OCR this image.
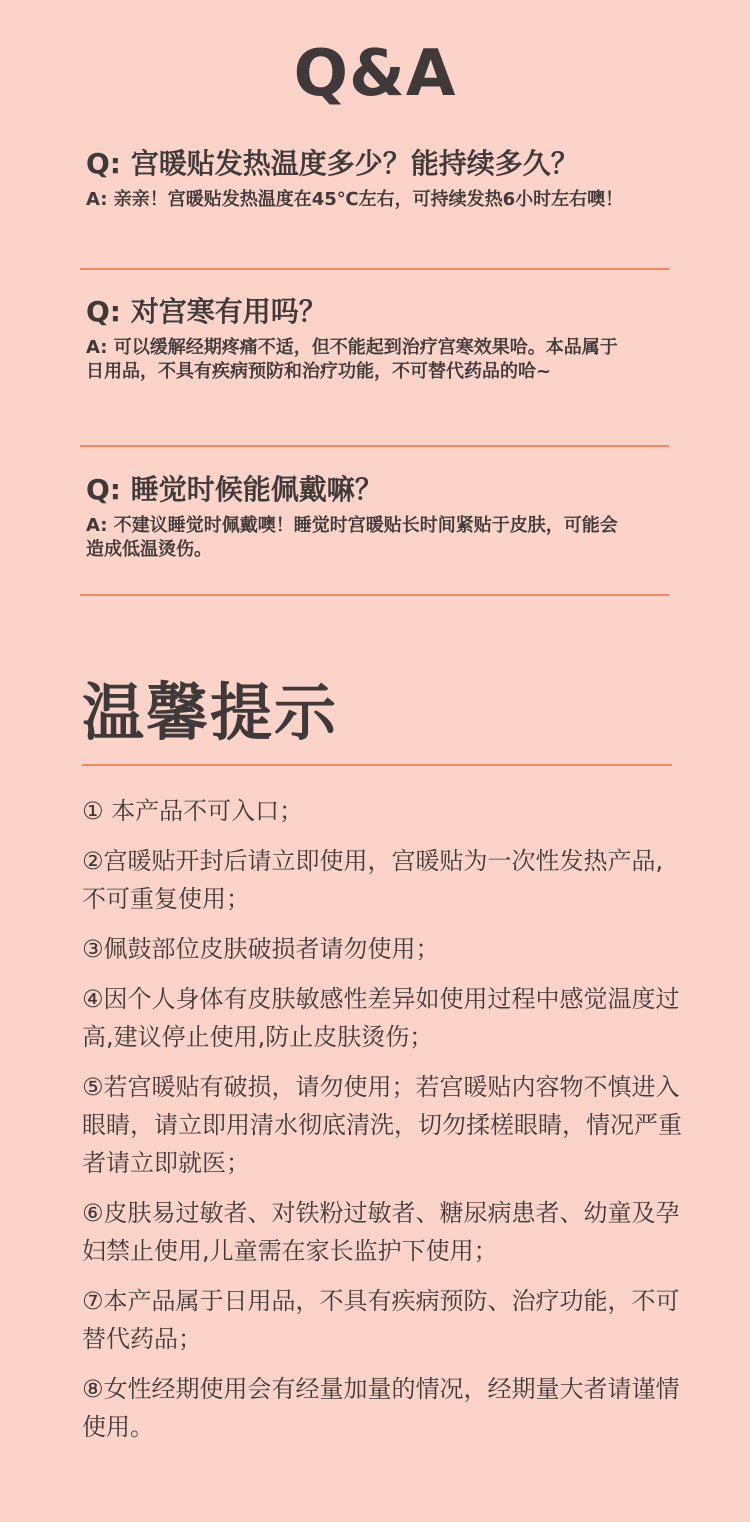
Q&A
Q: 宫暖贴发热温度多少？能持续多久？
A: 亲亲！宫暖贴发热温度在45℃左右，可持续发热6小时左右噢！
Q: 对宫寒有用吗？
A: 可以缓解经期疼痛不适，但不能起到治疗宫寒效果哈。本品属于日用品，不具有疾病预防和治疗功能，不可替代药品的哈~
Q: 睡觉时候能佩戴嘛？
A: 不建议睡觉时佩戴噢！睡觉时宫暖贴长时间紧贴于皮肤，可能会造成低温烫伤。
温馨提示
① 本产品不可入口；
②宫暖贴开封后请立即使用，宫暖贴为一次性发热产品,不可重复使用；
③佩鼓部位皮肤破损者请勿使用；
④因个人身体有皮肤敏感性差异如使用过程中感觉温度过高,建议停止使用,防止皮肤烫伤；
⑤若宫暖贴有破损，请勿使用；若宫暖贴内容物不慎进入眼睛，请立即用清水彻底清洗，切勿揉槎眼睛，情况严重者请立即就医；
⑥皮肤易过敏者、对铁粉过敏者、糖尿病患者、幼童及孕妇禁止使用,儿童需在家长监护下使用；
⑦本产品属于日用品，不具有疾病预防、治疗功能，不可替代药品；
⑧女性经期使用会有经量加量的情况，经期量大者请谨情使用。
